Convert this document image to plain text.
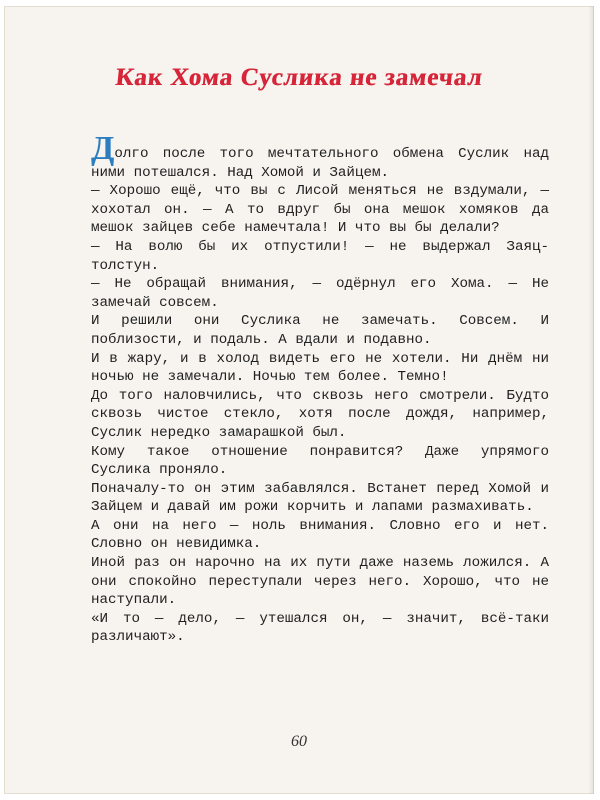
Как Хома Суслика не замечал

Долго после того мечтательного обмена Суслик над ними потешался. Над Хомой и Зайцем.

— Хорошо ещё, что вы с Лисой меняться не вздумали, — хохотал он. — А то вдруг бы она мешок хомяков да мешок зайцев себе намечтала! И что вы бы делали?

— На волю бы их отпустили! — не выдержал Заяц-толстун.

— Не обращай внимания, — одёрнул его Хома. — Не замечай совсем.

И решили они Суслика не замечать. Совсем. И поблизости, и подаль. А вдали и подавно.

И в жару, и в холод видеть его не хотели. Ни днём ни ночью не замечали. Ночью тем более. Темно!

До того наловчились, что сквозь него смотрели. Будто сквозь чистое стекло, хотя после дождя, например, Суслик нередко замарашкой был.

Кому такое отношение понравится? Даже упрямого Суслика проняло.

Поначалу-то он этим забавлялся. Встанет перед Хомой и Зайцем и давай им рожи корчить и лапами размахивать.

А они на него — ноль внимания. Словно его и нет. Словно он невидимка.

Иной раз он нарочно на их пути даже наземь ложился. А они спокойно переступали через него. Хорошо, что не наступали.

«И то — дело, — утешался он, — значит, всё-таки различают».

60
